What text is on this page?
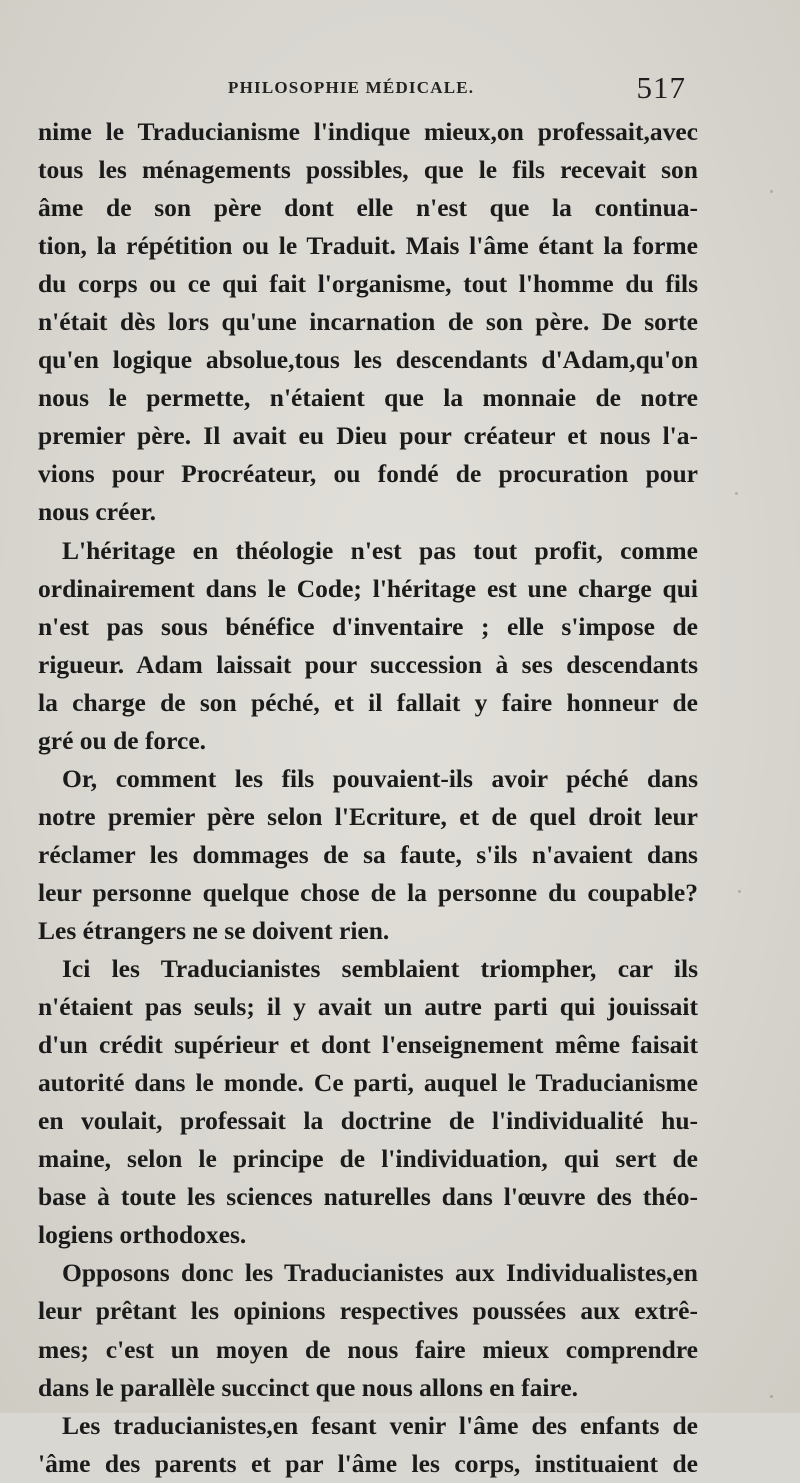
PHILOSOPHIE MÉDICALE.	517
nime le Traducianisme l'indique mieux,on professait,avec
tous les ménagements possibles, que le fils recevait son
âme de son père dont elle n'est que la continua-
tion, la répétition ou le Traduit. Mais l'âme étant la forme
du corps ou ce qui fait l'organisme, tout l'homme du fils
n'était dès lors qu'une incarnation de son père. De sorte
qu'en logique absolue,tous les descendants d'Adam,qu'on
nous le permette, n'étaient que la monnaie de notre
premier père. Il avait eu Dieu pour créateur et nous l'a-
vions pour Procréateur, ou fondé de procuration pour
nous créer.
L'héritage en théologie n'est pas tout profit, comme
ordinairement dans le Code; l'héritage est une charge qui
n'est pas sous bénéfice d'inventaire ; elle s'impose de
rigueur. Adam laissait pour succession à ses descendants
la charge de son péché, et il fallait y faire honneur de
gré ou de force.
Or, comment les fils pouvaient-ils avoir péché dans
notre premier père selon l'Ecriture, et de quel droit leur
réclamer les dommages de sa faute, s'ils n'avaient dans
leur personne quelque chose de la personne du coupable?
Les étrangers ne se doivent rien.
Ici les Traducianistes semblaient triompher, car ils
n'étaient pas seuls; il y avait un autre parti qui jouissait
d'un crédit supérieur et dont l'enseignement même faisait
autorité dans le monde. Ce parti, auquel le Traducianisme
en voulait, professait la doctrine de l'individualité hu-
maine, selon le principe de l'individuation, qui sert de
base à toute les sciences naturelles dans l'œuvre des théo-
logiens orthodoxes.
Opposons donc les Traducianistes aux Individualistes,en
leur prêtant les opinions respectives poussées aux extrê-
mes; c'est un moyen de nous faire mieux comprendre
dans le parallèle succinct que nous allons en faire.
Les traducianistes,en fesant venir l'âme des enfants de
'âme des parents et par l'âme les corps, instituaient de
